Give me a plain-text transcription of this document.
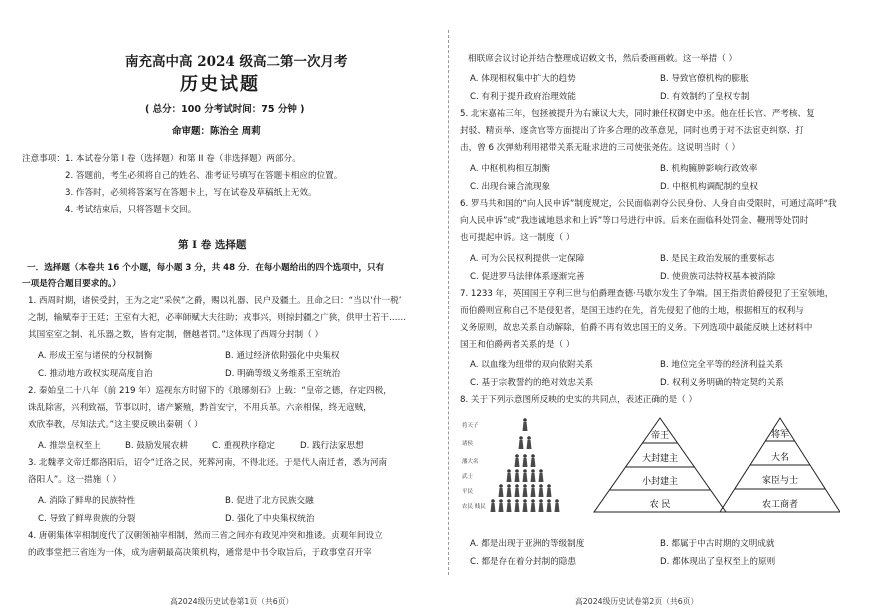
南充高中高 2024 级高二第一次月考
历史试题
( 总分：100 分考试时间：75 分钟 )
命审题：陈治全 周莉
注意事项：1. 本试卷分第 I 卷（选择题）和第 II 卷（非选择题）两部分。
2. 答题前，考生必须将自己的姓名、准考证号填写在答题卡相应的位置。
3. 作答时，必须将答案写在答题卡上，写在试卷及草稿纸上无效。
4. 考试结束后，只将答题卡交回。
第 I 卷 选择题
一．选择题（本卷共 16 个小题，每小题 3 分，共 48 分．在每小题给出的四个选项中，只有
一项是符合题目要求的。）
1. 西周时期，诸侯受封，王为之定“采侯”之爵，赐以礼器、民户及疆土。且命之曰：“当以‘什一税’
之制，输赋奉于王廷；王室有大祀，必率師赋大夫往助；戎事兴，则掠封疆之广狭，供甲士若干……
其国室室之制、礼乐器之数，皆有定制，僭越者罚。”这体现了西周分封制（ ）
A. 形成王室与诸侯的分权制衡	B. 通过经济依附强化中央集权
C. 推动地方政权实现高度自治	D. 明确等级义务维系王室统治
2. 秦始皇二十八年（前 219 年）巡视东方时留下的《琅琊刻石》上载：“皇帝之德，存定四极，
诛乱除害，兴利致福，节事以时，诸产繁殖，黔首安宁，不用兵革。六亲相保，终无寇贼，
欢欣奉教，尽知法式。”这主要反映出秦朝（ ）
A. 推崇皇权至上	B. 鼓励发展农耕	C. 重视秩序稳定	D. 践行法家思想
3. 北魏孝文帝迁都洛阳后，诏令“迁洛之民，死葬河南，不得北还。于是代人南迁者，悉为河南
洛阳人”。这一措施（ ）
A. 消除了鲜卑的民族特性	B. 促进了北方民族交融
C. 导致了鲜卑贵族的分裂	D. 强化了中央集权统治
4. 唐朝集体宰相制度代了汉朝领袖宰相制，然而三省之间亦有政见冲突和推诿。贞观年间设立
的政事堂把三省连为一体，成为唐朝最高决策机构，通常是中书令取旨后，于政事堂召开宰
高2024级历史试卷第1页（共6页）
相联席会议讨论并结合整理成诏敕文书，然后委画画敕。这一举措（ ）
A. 体现相权集中扩大的趋势	B. 导致官僚机构的膨胀
C. 有利于提升政府治理效能	D. 有效制约了皇权专制
5. 北宋嘉祐三年，包拯被提升为右谏议大夫，同时兼任权御史中丞。他在任长官、严考核、复
封驳、精贡举、逐贪官等方面提出了许多合理的改革意见，同时也勇于对不法宦吏纠察、打
击，曾 6 次弹劾利用裙带关系无耻求进的三司使张尧佐。这说明当时（ ）
A. 中枢机构相互制衡	B. 机构臃肿影响行政效率
C. 出现台谏合流现象	D. 中枢机构调配制约皇权
6. 罗马共和国的“向人民申诉”制度规定，公民面临剥夺公民身份、人身自由受限时，可通过高呼“我
向人民申诉”或“我违诚地恳求和上诉”等口号进行申诉。后来在面临科处罚金、鞭刑等处罚时
也可提起申诉。这一制度（ ）
A. 可为公民权利提供一定保障	B. 是民主政治发展的重要标志
C. 促进罗马法律体系逐渐完善	D. 使贵族司法特权基本被消除
7. 1233 年，英国国王亨利三世与伯爵理查德·马歇尔发生了争端。国王指责伯爵侵犯了王室领地，
而伯爵则宣称自己不是侵犯者，是国王违约在先，首先侵犯了他的土地，根据相互的权利与
义务原则，故忠关系自动解除，伯爵不再有效忠国王的义务。下列选项中最能反映上述材料中
国王和伯爵两者关系的是（ ）
A. 以血缘为纽带的双向依附关系	B. 地位完全平等的经济利益关系
C. 基于宗教誓约的绝对效忠关系	D. 权利义务明确的特定契约关系
8. 关于下列示意图所反映的史实的共同点，表述正确的是（ ）
将天子
诸侯
藩大名
武士
平民
农民 贱民
帝王
大封建主
小封建主
农 民
将军
大名
家臣与士
农工商者
A. 都是出现于亚洲的等级制度	B. 都属于中古时期的文明成就
C. 都是存在着分封制的隐患	D. 都体现出了皇权至上的原则
高2024级历史试卷第2页（共6页）
